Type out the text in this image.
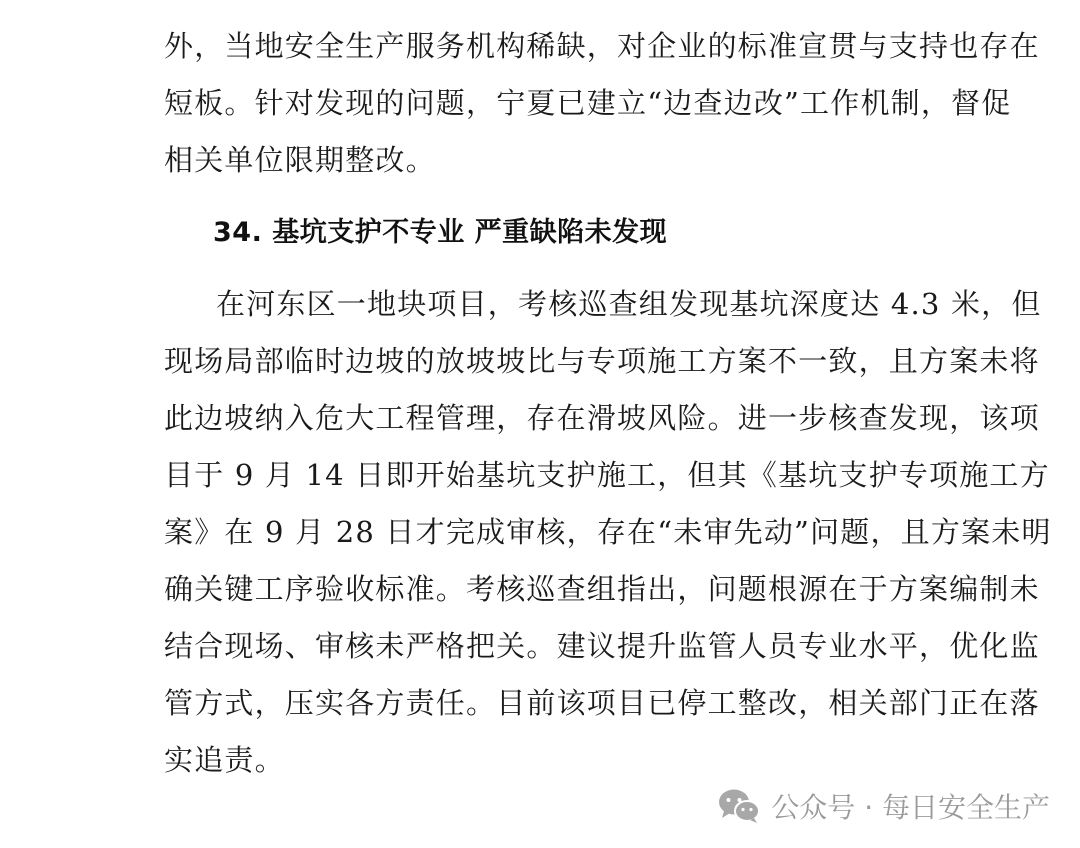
外，当地安全生产服务机构稀缺，对企业的标准宣贯与支持也存在
短板。针对发现的问题，宁夏已建立“边查边改”工作机制，督促
相关单位限期整改。
34. 基坑支护不专业 严重缺陷未发现
在河东区一地块项目，考核巡查组发现基坑深度达 4.3 米，但
现场局部临时边坡的放坡坡比与专项施工方案不一致，且方案未将
此边坡纳入危大工程管理，存在滑坡风险。进一步核查发现，该项
目于 9 月 14 日即开始基坑支护施工，但其《基坑支护专项施工方
案》在 9 月 28 日才完成审核，存在“未审先动”问题，且方案未明
确关键工序验收标准。考核巡查组指出，问题根源在于方案编制未
结合现场、审核未严格把关。建议提升监管人员专业水平，优化监
管方式，压实各方责任。目前该项目已停工整改，相关部门正在落
实追责。
公众号 · 每日安全生产
